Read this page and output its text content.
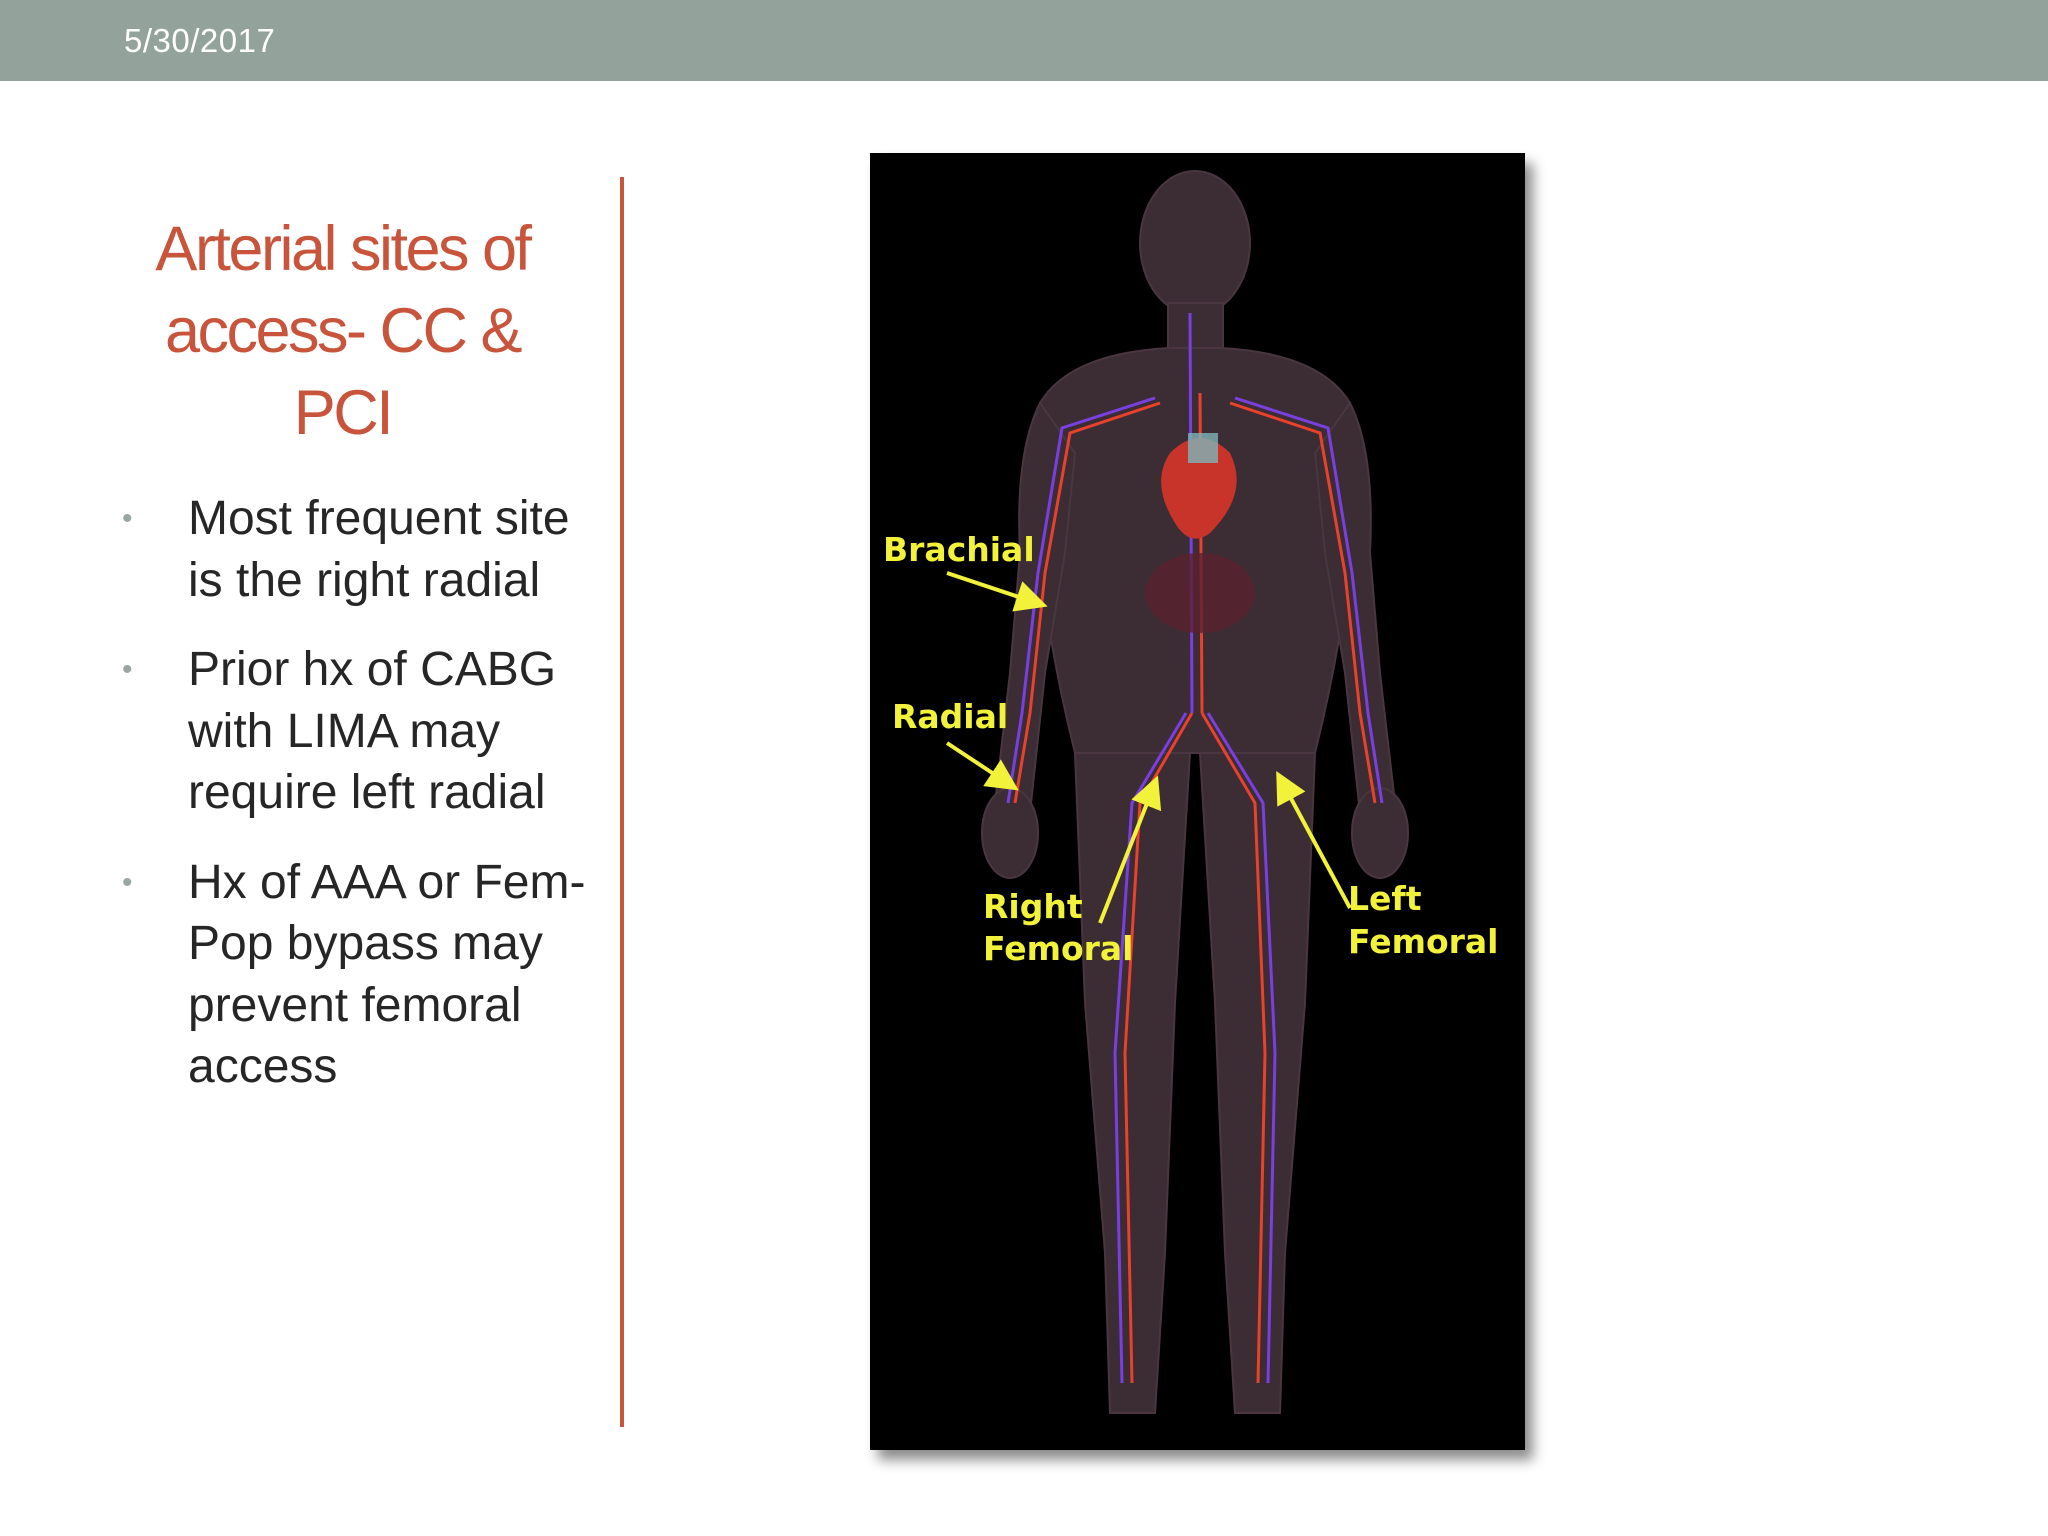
5/30/2017
Arterial sites of access- CC & PCI
• Most frequent site is the right radial
• Prior hx of CABG with LIMA may require left radial
• Hx of AAA or Fem-Pop bypass may prevent femoral access
Brachial
Radial
Right
Femoral
Left
Femoral
